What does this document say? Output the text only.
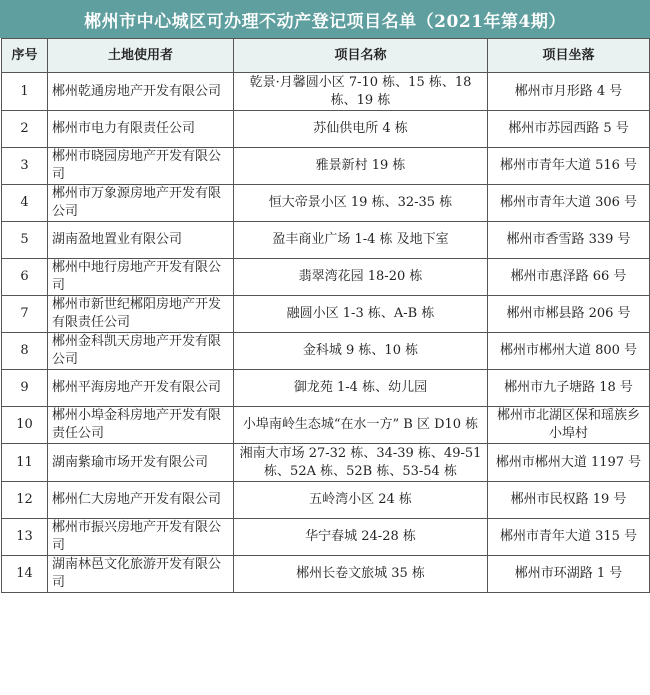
郴州市中心城区可办理不动产登记项目名单（2021年第4期）
序号	土地使用者	项目名称	项目坐落
1	郴州乾通房地产开发有限公司	乾景·月馨圆小区 7-10 栋、15 栋、18 栋、19 栋	郴州市月形路 4 号
2	郴州市电力有限责任公司	苏仙供电所 4 栋	郴州市苏园西路 5 号
3	郴州市晓园房地产开发有限公司	雅景新村 19 栋	郴州市青年大道 516 号
4	郴州市万象源房地产开发有限公司	恒大帝景小区 19 栋、32-35 栋	郴州市青年大道 306 号
5	湖南盈地置业有限公司	盈丰商业广场 1-4 栋 及地下室	郴州市香雪路 339 号
6	郴州中地行房地产开发有限公司	翡翠湾花园 18-20 栋	郴州市惠泽路 66 号
7	郴州市新世纪郴阳房地产开发有限责任公司	融圆小区 1-3 栋、A-B 栋	郴州市郴县路 206 号
8	郴州金科凯天房地产开发有限公司	金科城 9 栋、10 栋	郴州市郴州大道 800 号
9	郴州平海房地产开发有限公司	御龙苑 1-4 栋、幼儿园	郴州市九子塘路 18 号
10	郴州小埠金科房地产开发有限责任公司	小埠南岭生态城“在水一方” B 区 D10 栋	郴州市北湖区保和瑶族乡小埠村
11	湖南紫瑜市场开发有限公司	湘南大市场 27-32 栋、34-39 栋、49-51 栋、52A 栋、52B 栋、53-54 栋	郴州市郴州大道 1197 号
12	郴州仁大房地产开发有限公司	五岭湾小区 24 栋	郴州市民权路 19 号
13	郴州市振兴房地产开发有限公司	华宁春城 24-28 栋	郴州市青年大道 315 号
14	湖南林邑文化旅游开发有限公司	郴州长卷文旅城 35 栋	郴州市环湖路 1 号
